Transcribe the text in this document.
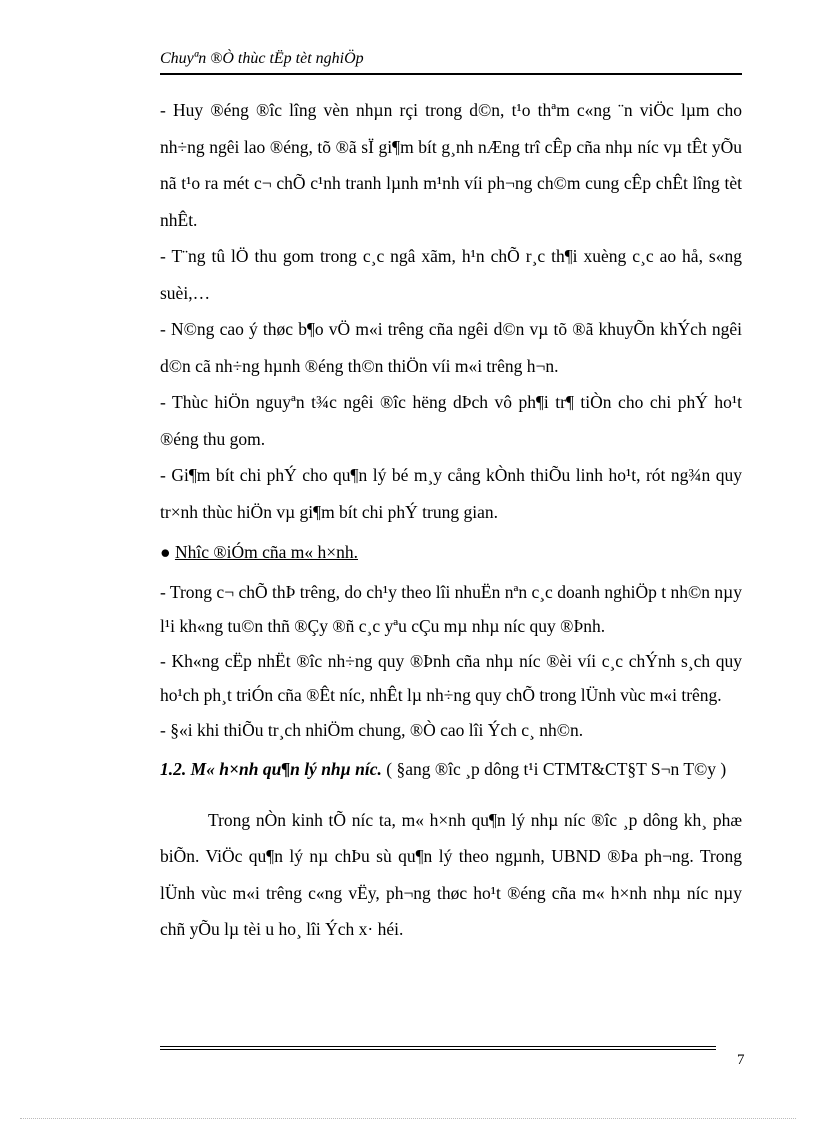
Chuyªn ®Ò thùc tËp tèt nghiÖp

- Huy ®éng ®îc lîng vèn nhµn rçi trong d©n, t¹o thªm c«ng ¨n viÖc lµm cho nh÷ng ngêi lao ®éng, tõ ®ã sÏ gi¶m bít g¸nh nÆng trî cÊp cña nhµ níc vµ tÊt yÕu nã t¹o ra mét c¬ chÕ c¹nh tranh lµnh m¹nh víi ph¬ng ch©m cung cÊp chÊt lîng tèt nhÊt.

- T¨ng tû lÖ thu gom trong c¸c ngâ xãm, h¹n chÕ r¸c th¶i xuèng c¸c ao hå, s«ng suèi,…

- N©ng cao ý thøc b¶o vÖ m«i trêng cña ngêi d©n vµ tõ ®ã khuyÕn khÝch ngêi d©n cã nh÷ng hµnh ®éng th©n thiÖn víi m«i trêng h¬n.

- Thùc hiÖn nguyªn t¾c ngêi ®îc hëng dÞch vô ph¶i tr¶ tiÒn cho chi phÝ ho¹t ®éng thu gom.

- Gi¶m bít chi phÝ cho qu¶n lý bé m¸y cång kÒnh thiÕu linh ho¹t, rót ng¾n quy tr×nh thùc hiÖn vµ gi¶m bít chi phÝ trung gian.

● Nhîc ®iÓm cña m« h×nh.

- Trong c¬ chÕ thÞ trêng, do ch¹y theo lîi nhuËn nªn c¸c doanh nghiÖp t nh©n nµy l¹i kh«ng tu©n thñ ®Çy ®ñ c¸c yªu cÇu mµ nhµ níc quy ®Þnh.

- Kh«ng cËp nhËt ®îc nh÷ng quy ®Þnh cña nhµ níc ®èi víi c¸c chÝnh s¸ch quy ho¹ch ph¸t triÓn cña ®Êt níc, nhÊt lµ nh÷ng quy chÕ trong lÜnh vùc m«i trêng.

- §«i khi thiÕu tr¸ch nhiÖm chung, ®Ò cao lîi Ých c¸ nh©n.

1.2. M« h×nh qu¶n lý nhµ níc. ( §ang ®îc ¸p dông t¹i CTMT&CT§T S¬n T©y )

Trong nÒn kinh tÕ níc ta, m« h×nh qu¶n lý nhµ níc ®îc ¸p dông kh¸ phæ biÕn. ViÖc qu¶n lý nµ chÞu sù qu¶n lý theo ngµnh, UBND ®Þa ph¬ng. Trong lÜnh vùc m«i trêng c«ng vËy, ph¬ng thøc ho¹t ®éng cña m« h×nh nhµ níc nµy chñ yÕu lµ tèi u ho¸ lîi Ých x· héi.

7
